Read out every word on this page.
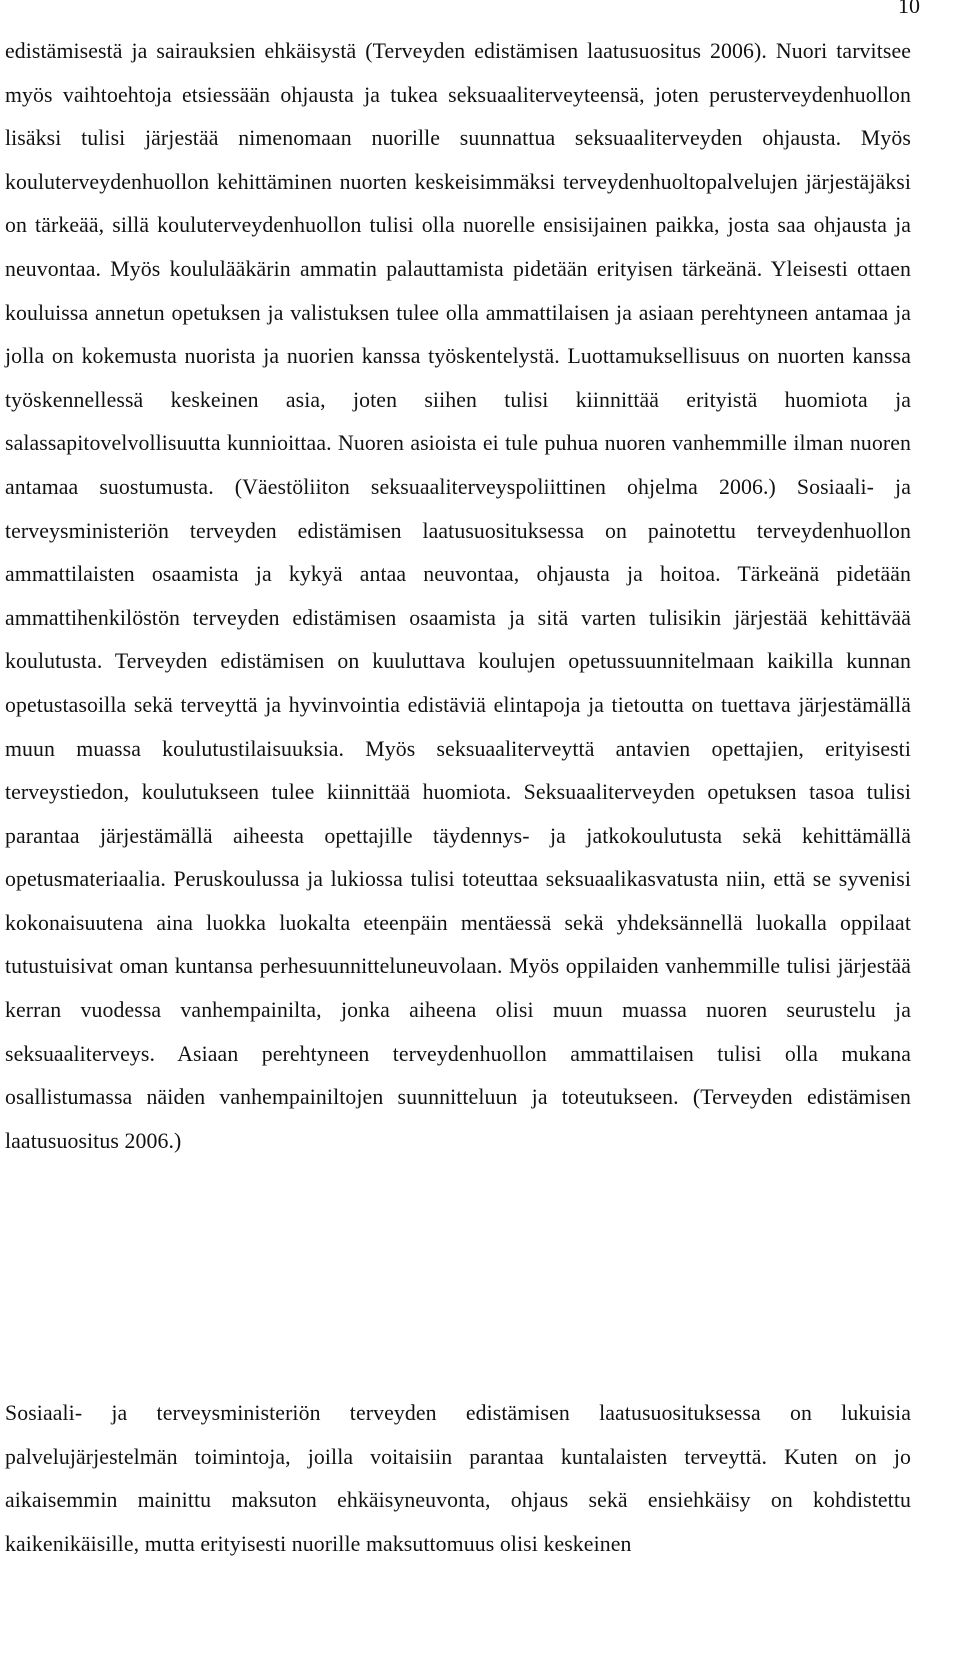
10

edistämisestä ja sairauksien ehkäisystä (Terveyden edistämisen laatusuositus 2006). Nuori tarvitsee myös vaihtoehtoja etsiessään ohjausta ja tukea seksuaaliterveyteensä, joten perusterveydenhuollon lisäksi tulisi järjestää nimenomaan nuorille suunnattua seksuaaliterveyden ohjausta. Myös kouluterveydenhuollon kehittäminen nuorten keskeisimmäksi terveydenhuoltopalvelujen järjestäjäksi on tärkeää, sillä kouluterveydenhuollon tulisi olla nuorelle ensisijainen paikka, josta saa ohjausta ja neuvontaa. Myös koululääkärin ammatin palauttamista pidetään erityisen tärkeänä. Yleisesti ottaen kouluissa annetun opetuksen ja valistuksen tulee olla ammattilaisen ja asiaan perehtyneen antamaa ja jolla on kokemusta nuorista ja nuorien kanssa työskentelystä. Luottamuksellisuus on nuorten kanssa työskennellessä keskeinen asia, joten siihen tulisi kiinnittää erityistä huomiota ja salassapitovelvollisuutta kunnioittaa. Nuoren asioista ei tule puhua nuoren vanhemmille ilman nuoren antamaa suostumusta. (Väestöliiton seksuaaliterveyspoliittinen ohjelma 2006.) Sosiaali- ja terveysministeriön terveyden edistämisen laatusuosituksessa on painotettu terveydenhuollon ammattilaisten osaamista ja kykyä antaa neuvontaa, ohjausta ja hoitoa. Tärkeänä pidetään ammattihenkilöstön terveyden edistämisen osaamista ja sitä varten tulisikin järjestää kehittävää koulutusta. Terveyden edistämisen on kuuluttava koulujen opetussuunnitelmaan kaikilla kunnan opetustasoilla sekä terveyttä ja hyvinvointia edistäviä elintapoja ja tietoutta on tuettava järjestämällä muun muassa koulutustilaisuuksia. Myös seksuaaliterveyttä antavien opettajien, erityisesti terveystiedon, koulutukseen tulee kiinnittää huomiota. Seksuaaliterveyden opetuksen tasoa tulisi parantaa järjestämällä aiheesta opettajille täydennys- ja jatkokoulutusta sekä kehittämällä opetusmateriaalia. Peruskoulussa ja lukiossa tulisi toteuttaa seksuaalikasvatusta niin, että se syvenisi kokonaisuutena aina luokka luokalta eteenpäin mentäessä sekä yhdeksännellä luokalla oppilaat tutustuisivat oman kuntansa perhesuunnitteluneuvolaan. Myös oppilaiden vanhemmille tulisi järjestää kerran vuodessa vanhempainilta, jonka aiheena olisi muun muassa nuoren seurustelu ja seksuaaliterveys. Asiaan perehtyneen terveydenhuollon ammattilaisen tulisi olla mukana osallistumassa näiden vanhempainiltojen suunnitteluun ja toteutukseen. (Terveyden edistämisen laatusuositus 2006.)

Sosiaali- ja terveysministeriön terveyden edistämisen laatusuosituksessa on lukuisia palvelujärjestelmän toimintoja, joilla voitaisiin parantaa kuntalaisten terveyttä. Kuten on jo aikaisemmin mainittu maksuton ehkäisyneuvonta, ohjaus sekä ensiehkäisy on kohdistettu kaikenikäisille, mutta erityisesti nuorille maksuttomuus olisi keskeinen
